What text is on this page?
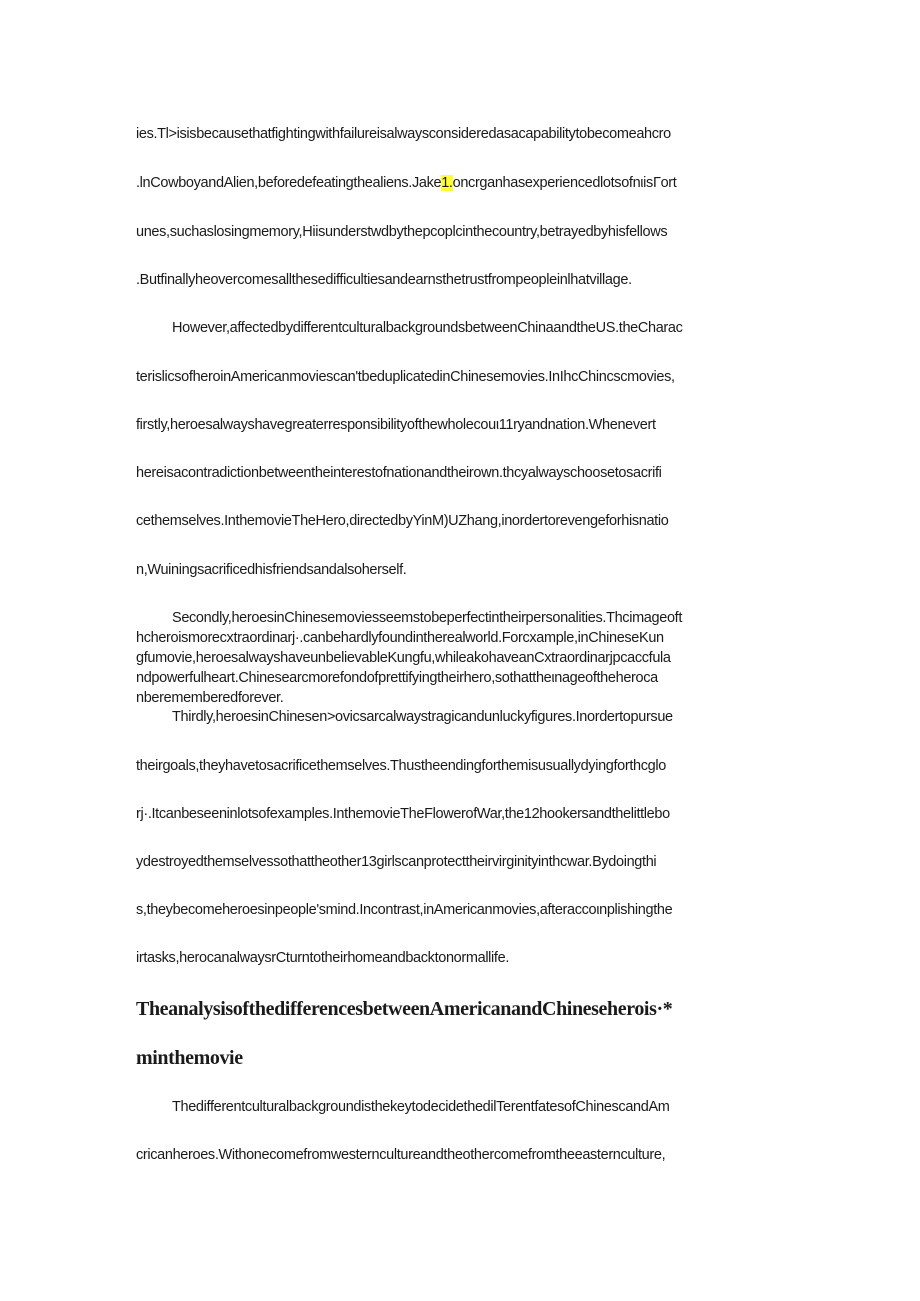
ies.Tl>isisbecausethatfightingwithfailureisalwaysconsideredasacapabilitytobecomeahcro
.lnCowboyandAlien,beforedefeatingthealiens.Jake1.oncrganhasexperiencedlotsofnιisΓort
unes,suchaslosingmemory,Hiisunderstwdbythepcoplcinthecountry,betrayedbyhisfellows
.Butfinallyheovercomesallthesedifficultiesandearnsthetrustfrompeopleinlhatvillage.
However,affectedbydifferentculturalbackgroundsbetweenChinaandtheUS.theCharac
terislicsofheroinAmericanmoviescan'tbeduplicatedinChinesemovies.InIhcChincscmovies,
firstly,heroesalwayshavegreaterresponsibilityofthewholecouι11ryandnation.Whenevert
hereisacontradictionbetweentheinterestofnationandtheirown.thcyalwayschoosetosacrifi
cethemselves.InthemovieTheHero,directedbyYinM)UZhang,inordertorevengeforhisnatio
n,Wuiningsacrificedhisfriendsandalsoherself.
Secondly,heroesinChinesemoviesseemstobeperfectintheirpersonalities.Thcimageoft
hcheroismorecxtraordinarj·.canbehardlyfoundintherealworld.Forcxample,inChineseKun
gfumovie,heroesalwayshaveunbelievableKungfu,whileakohaveanCxtraordinarjpcaccfula
ndpowerfulheart.Chinesearcmorefondofprettifyingtheirhero,sothattheιnageoftheheroca
nberememberedforever.
Thirdly,heroesinChinesen>ovicsarcalwaystragicandunluckyfigures.Inordertopursue
theirgoals,theyhavetosacrificethemselves.Thustheendingforthemisusuallydyingforthcglo
rj·.Itcanbeseeninlotsofexamples.InthemovieTheFlowerofWar,the12hookersandthelittlebo
ydestroyedthemselvessothattheother13girlscanprotecttheirvirginityinthcwar.Bydoingthi
s,theybecomeheroesinpeople'smind.Incontrast,inAmericanmovies,afteraccoιnplishingthe
irtasks,herocanalwaysrCturntotheirhomeandbacktonormallife.
TheanalysisofthedifferencesbetweenAmericanandChineseherois·*
minthemovie
ThedifferentculturalbackgroundisthekeytodecidethedilTerentfatesofChinescandAm
cricanheroes.Withonecomefromwesternculturean​dtheothercomefromtheeasternculture,
